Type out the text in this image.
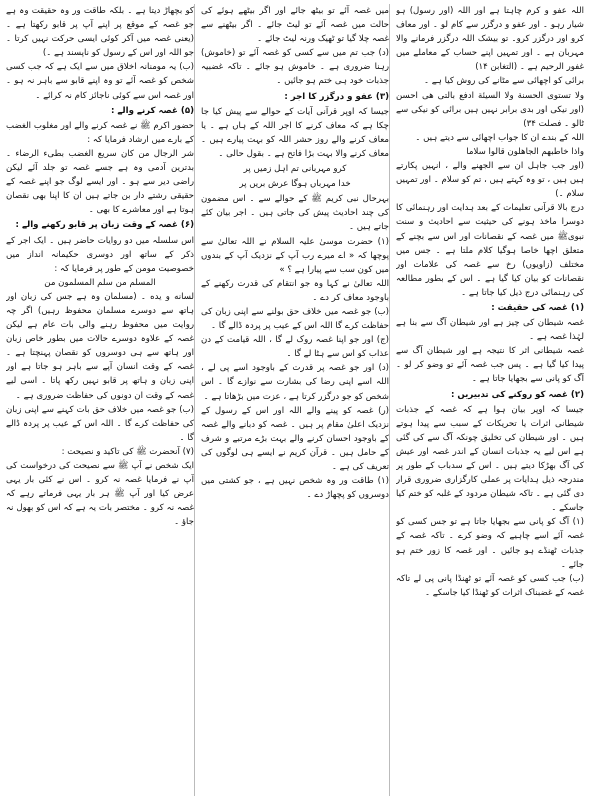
اللہ عفو و کرم چاہتا ہے اور اللہ (اور رسول) ہو شیار رہو ۔ اور عفو و درگزر سے کام لو ۔ اور معاف کرو اور درگزر کرو۔ تو بیشک اللہ درگزر فرمانے والا مہربان ہے ۔ اور تمہیں اپنے حساب کے معاملے میں غفور الرحیم ہے ۔ (التغابن ۱۴)

برائی کو اچھائی سے مٹانے کی روش کیا ہے ۔

ولا تستوی الحسنة ولا السیئة ادفع بالتی ھی احسن (اور نیکی اور بدی برابر نہیں ہیں برائی کو نیکی سے ٹالو ۔ فصلت ۳۴)

اللہ کے بندے ان کا جواب اچھائی سے دیتے ہیں ۔

واذا خاطبھم الجاھلون قالوا سلاما

(اور جب جاہل ان سے الجھنے والے ، انہیں پکارتے ہیں ہیں ، تو وہ کہتے ہیں ، تم کو سلام ۔ اور تمہیں سلام ۔)

درج بالا قرآنی تعلیمات کے بعد ہدایت اور رہنمائی کا دوسرا ماخذ ہونے کی حیثیت سے احادیث و سنت نبویﷺ میں غصہ کے نقصانات اور اس سے بچنے کے متعلق اچھا خاصا ہوگیا کلام ملتا ہے ۔ جس میں مختلف (زاویوں) رخ سے غصہ کی علامات اور نقصانات کو بیان کیا گیا ہے ۔ اس کے بطور مطالعہ کی رہنمائی درج ذیل کیا جاتا ہے ۔

(۱) غصہ کی حقیقت :

غصہ شیطان کی چیز ہے اور شیطان آگ سے بنا ہے لہٰذا غصہ ہے ۔

غصہ شیطانی اثر کا نتیجہ ہے اور شیطان آگ سے پیدا کیا گیا ہے ۔ پس جب غصہ آئے تو وضو کر لو ۔ آگ کو پانی سے بجھایا جاتا ہے ۔

(۲) غصہ کو روکنے کی تدبیریں :

جیسا کہ اوپر بیان ہوا ہے کہ غصہ کے جذبات شیطانی اثرات یا تحریکات کے سبب سے پیدا ہوتے ہیں ۔ اور شیطان کی تخلیق چونکہ آگ سے کی گئی ہے اس لیے یہ جذبات انسان کے اندر غصہ اور عیش کی آگ بھڑکا دیتے ہیں ۔ اس کے سدباب کے طور پر مندرجہ ذیل ہدایات پر عملی کارگزاری ضروری قرار دی گئی ہے ۔ تاکہ شیطان مردود کے غلبہ کو ختم کیا جاسکے ۔

(۱) آگ کو پانی سے بجھایا جاتا ہے تو جس کسی کو غصہ آئے اسے چاہیے کہ وضو کرے ۔ تاکہ غصہ کے جذبات ٹھنڈے ہو جائیں ۔ اور غصہ کا زور ختم ہو جائے ۔

(ب) جب کسی کو غصہ آئے تو ٹھنڈا پانی پی لے تاکہ غصہ کے غضبناک اثرات کو ٹھنڈا کیا جاسکے ۔

میں غصہ آئے تو بیٹھ جائے اور اگر بیٹھے ہوئے کی حالت میں غصہ آئے تو لیٹ جائے ۔ اگر بیٹھنے سے غصہ چلا گیا تو ٹھیک ورنہ لیٹ جائے ۔

(د) جب تم میں سے کسی کو غصہ آئے تو (خاموش) رہنا ضروری ہے ۔ خاموش ہو جائے ۔ تاکہ غضبیہ جذبات خود ہی ختم ہو جائیں ۔

(۳) عفو و درگزر کا اجر :

جیسا کہ اوپر قرآنی آیات کے حوالے سے پیش کیا جا چکا ہے کہ معاف کرنے کا اجر اللہ کے ہاں ہے ۔ یا معاف کرنے والے روز حشر اللہ کو بہت پیارے ہیں ۔ معاف کرنے والا بہت بڑا فاتح ہے ۔ بقول حالی ۔

کرو مہربانی تم اہل زمیں پر

خدا مہرباں ہوگا عرش بریں پر

بہرحال نبی کریم ﷺ کے حوالے سے ۔ اس مضمون کی چند احادیث پیش کی جاتی ہیں ۔ اجر بیان کئے جاتے ہیں ۔

(۱) حضرت موسیٰ علیہ السلام نے اللہ تعالیٰ سے پوچھا کہ « اے میرے رب آپ کے نزدیک آپ کے بندوں میں کون سب سے پیارا ہے ؟ »

اللہ تعالیٰ نے کہا وہ جو انتقام کی قدرت رکھنے کے باوجود معاف کر دے ۔

(ب) جو غصہ میں خلاف حق بولنے سے اپنی زبان کی حفاظت کرے گا اللہ اس کے عیب پر پردہ ڈالے گا ۔

(ج) اور جو اپنا غصہ روک لے گا ، اللہ قیامت کے دن عذاب کو اس سے ہٹا لے گا ۔

(د) اور جو غصہ پر قدرت کے باوجود اسے پی لے ، اللہ اسے اپنی رضا کی بشارت سے نوازے گا ۔ اس شخص کو جو درگزر کرتا ہے ، عزت میں بڑھاتا ہے ۔

(ر) غصہ کو پینے والے اللہ اور اس کے رسول کے نزدیک اعلیٰ مقام پر ہیں ۔ غصہ کو دبانے والے غصہ کے باوجود احسان کرنے والے بہت بڑے مرتبے و شرف کے حامل ہیں ۔ قرآن کریم نے ایسے ہی لوگوں کی تعریف کی ہے ۔

(۱) طاقت ور وہ شخص نہیں ہے ، جو کشتی میں دوسروں کو پچھاڑ دے ۔

کو بچھاڑ دیتا ہے ۔ بلکہ طاقت ور وہ حقیقت وہ ہے جو غصہ کے موقع پر اپنے آپ پر قابو رکھتا ہے ۔ (یعنی غصہ میں آکر کوئی ایسی حرکت نہیں کرتا ۔ جو اللہ اور اس کے رسول کو ناپسند ہے ۔)

(ب) یہ مومنانہ اخلاق میں سے ایک ہے کہ جب کسی شخص کو غصہ آئے تو وہ اپنے قابو سے باہر نہ ہو ۔ اور غصہ اس سے کوئی ناجائز کام نہ کرائے ۔

(۵) غصہ کرنے والے :

حضور اکرم ﷺ نے غصہ کرنے والے اور مغلوب الغضب کے بارے میں ارشاد فرمایا کہ :

شر الرجال من کان سریع الغضب بطیء الرضاء ۔ بدترین آدمی وہ ہے جسے غصہ تو جلد آئے لیکن راضی دیر سے ہو ۔ اور ایسے لوگ جو اپنے غصہ کے حقیقی رشتے دار بن جاتے ہیں ان کا اپنا بھی نقصان ہوتا ہے اور معاشرے کا بھی ۔

(۶) غصہ کے وقت زبان پر قابو رکھنے والے :

اس سلسلہ میں دو روایات حاضر ہیں ۔ ایک اجر کے ذکر کے ساتھ اور دوسری حکیمانہ انداز میں خصوصیت مومن کے طور پر فرمایا کہ :

المسلم من سلم المسلمون من

لسانه و یده ۔ (مسلمان وہ ہے جس کی زبان اور ہاتھ سے دوسرے مسلمان محفوظ رہیں) اگر چہ روایت میں محفوظ رہنے والی بات عام ہے لیکن غصہ کے علاوہ دوسرے حالات میں بطور خاص زبان اور ہاتھ سے ہی دوسروں کو نقصان پہنچتا ہے ۔ غصہ کے وقت انسان آپے سے باہر ہو جاتا ہے اور اپنی زبان و ہاتھ پر قابو نہیں رکھ پاتا ۔ اسی لیے غصہ کے وقت ان دونوں کی حفاظت ضروری ہے ۔

(ب) جو غصہ میں خلاف حق بات کہنے سے اپنی زبان کی حفاظت کرے گا ۔ اللہ اس کے عیب پر پردہ ڈالے گا ۔

(۷) آنحضرت ﷺ کی تاکید و نصیحت :

ایک شخص نے آپ ﷺ سے نصیحت کی درخواست کی آپ نے فرمایا غصہ نہ کرو ۔ اس نے کئی بار یہی عرض کیا اور آپ ﷺ ہر بار یہی فرماتے رہے کہ غصہ نہ کرو ۔ مختصر بات یہ ہے کہ اس کو بھول نہ جاؤ ۔
